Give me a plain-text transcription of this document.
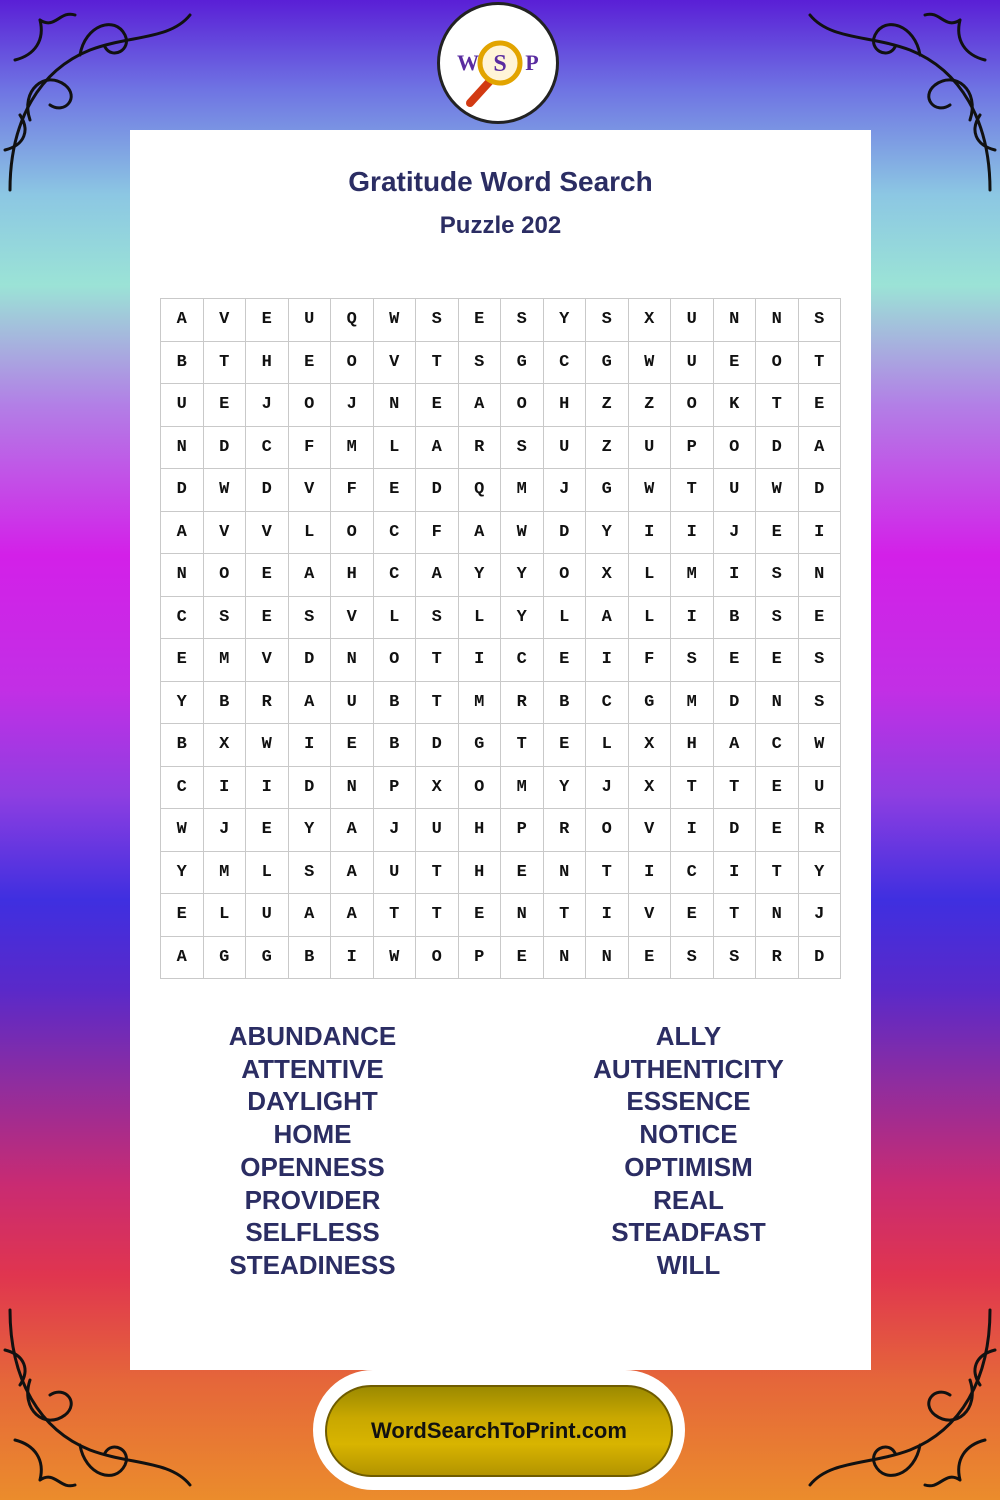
W S P
Gratitude Word Search
Puzzle 202
A	V	E	U	Q	W	S	E	S	Y	S	X	U	N	N	S
B	T	H	E	O	V	T	S	G	C	G	W	U	E	O	T
U	E	J	O	J	N	E	A	O	H	Z	Z	O	K	T	E
N	D	C	F	M	L	A	R	S	U	Z	U	P	O	D	A
D	W	D	V	F	E	D	Q	M	J	G	W	T	U	W	D
A	V	V	L	O	C	F	A	W	D	Y	I	I	J	E	I
N	O	E	A	H	C	A	Y	Y	O	X	L	M	I	S	N
C	S	E	S	V	L	S	L	Y	L	A	L	I	B	S	E
E	M	V	D	N	O	T	I	C	E	I	F	S	E	E	S
Y	B	R	A	U	B	T	M	R	B	C	G	M	D	N	S
B	X	W	I	E	B	D	G	T	E	L	X	H	A	C	W
C	I	I	D	N	P	X	O	M	Y	J	X	T	T	E	U
W	J	E	Y	A	J	U	H	P	R	O	V	I	D	E	R
Y	M	L	S	A	U	T	H	E	N	T	I	C	I	T	Y
E	L	U	A	A	T	T	E	N	T	I	V	E	T	N	J
A	G	G	B	I	W	O	P	E	N	N	E	S	S	R	D
ABUNDANCE
ATTENTIVE
DAYLIGHT
HOME
OPENNESS
PROVIDER
SELFLESS
STEADINESS
ALLY
AUTHENTICITY
ESSENCE
NOTICE
OPTIMISM
REAL
STEADFAST
WILL
WordSearchToPrint.com
